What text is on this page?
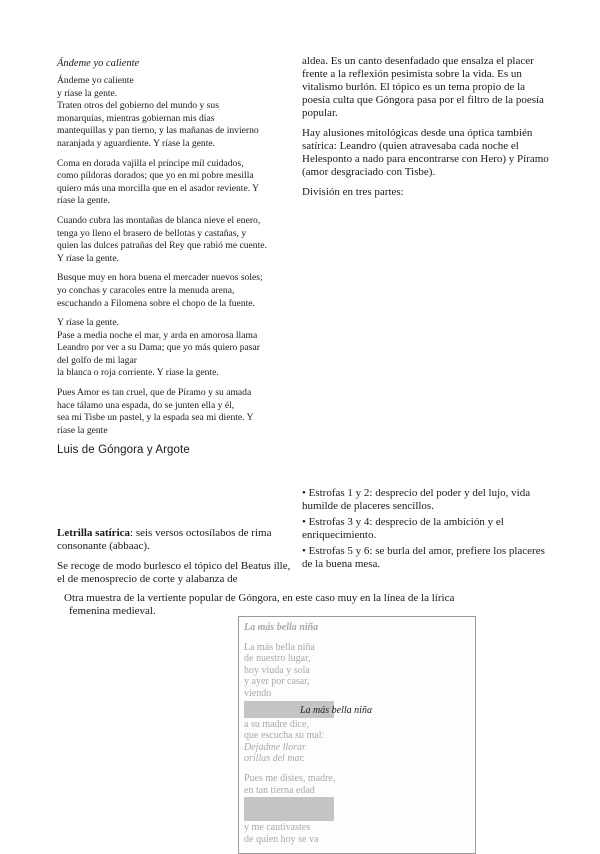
Ándeme yo caliente
Ándeme yo caliente
y ríase la gente.
Traten otros del gobierno del mundo y sus
monarquías, mientras gobiernan mis días
mantequillas y pan tierno, y las mañanas de invierno
naranjada y aguardiente. Y ríase la gente.
Coma en dorada vajilla el príncipe mil cuidados,
como píldoras dorados; que yo en mi pobre mesilla
quiero más una morcilla que en el asador reviente. Y
ríase la gente.
Cuando cubra las montañas de blanca nieve el enero,
tenga yo lleno el brasero de bellotas y castañas, y
quien las dulces patrañas del Rey que rabió me cuente.
Y ríase la gente.
Busque muy en hora buena el mercader nuevos soles;
yo conchas y caracoles entre la menuda arena,
escuchando a Filomena sobre el chopo de la fuente.
Y ríase la gente.
Pase a media noche el mar, y arda en amorosa llama
Leandro por ver a su Dama; que yo más quiero pasar
del golfo de mi lagar
la blanca o roja corriente. Y ríase la gente.
Pues Amor es tan cruel, que de Píramo y su amada
hace tálamo una espada, do se junten ella y él,
sea mi Tisbe un pastel, y la espada sea mi diente. Y
ríase la gente
Luis de Góngora y Argote

aldea. Es un canto desenfadado que ensalza el placer frente a la reflexión pesimista sobre la vida. Es un vitalismo burlón. El tópico es un tema propio de la poesía culta que Góngora pasa por el filtro de la poesía popular.

Hay alusiones mitológicas desde una óptica también satírica: Leandro (quien atravesaba cada noche el Helesponto a nado para encontrarse con Hero) y Píramo (amor desgraciado con Tisbe).

División en tres partes:

• Estrofas 1 y 2: desprecio del poder y del lujo, vida humilde de placeres sencillos.
• Estrofas 3 y 4: desprecio de la ambición y el enriquecimiento.
• Estrofas 5 y 6: se burla del amor, prefiere los placeres de la buena mesa.

Letrilla satírica: seis versos octosílabos de rima consonante (abbaac).

Se recoge de modo burlesco el tópico del Beatus ille, el de menosprecio de corte y alabanza de

Otra muestra de la vertiente popular de Góngora, en este caso muy en la línea de la lírica
femenina medieval.
La más bella niña
La más bella niña
de nuestro lugar,
hoy viuda y sola
y ayer por casar,
viendo
a su madre dice,
que escucha su mal:
Dejadme llorar
orillas del mar.
Pues me distes, madre,
en tan tierna edad
y me cautivastes
de quien hoy se va
La más bella niña
